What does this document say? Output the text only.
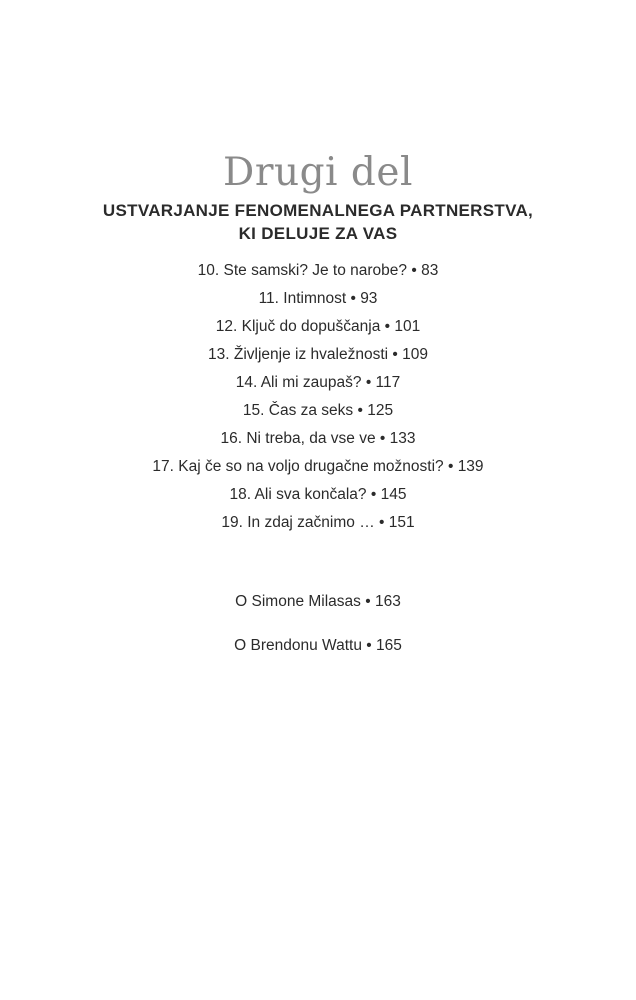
Drugi del
USTVARJANJE FENOMENALNEGA PARTNERSTVA,
KI DELUJE ZA VAS
10. Ste samski? Je to narobe? • 83
11. Intimnost • 93
12. Ključ do dopuščanja • 101
13. Življenje iz hvaležnosti • 109
14. Ali mi zaupaš? • 117
15. Čas za seks • 125
16. Ni treba, da vse ve • 133
17. Kaj če so na voljo drugačne možnosti? • 139
18. Ali sva končala? • 145
19. In zdaj začnimo … • 151
O Simone Milasas • 163
O Brendonu Wattu • 165
